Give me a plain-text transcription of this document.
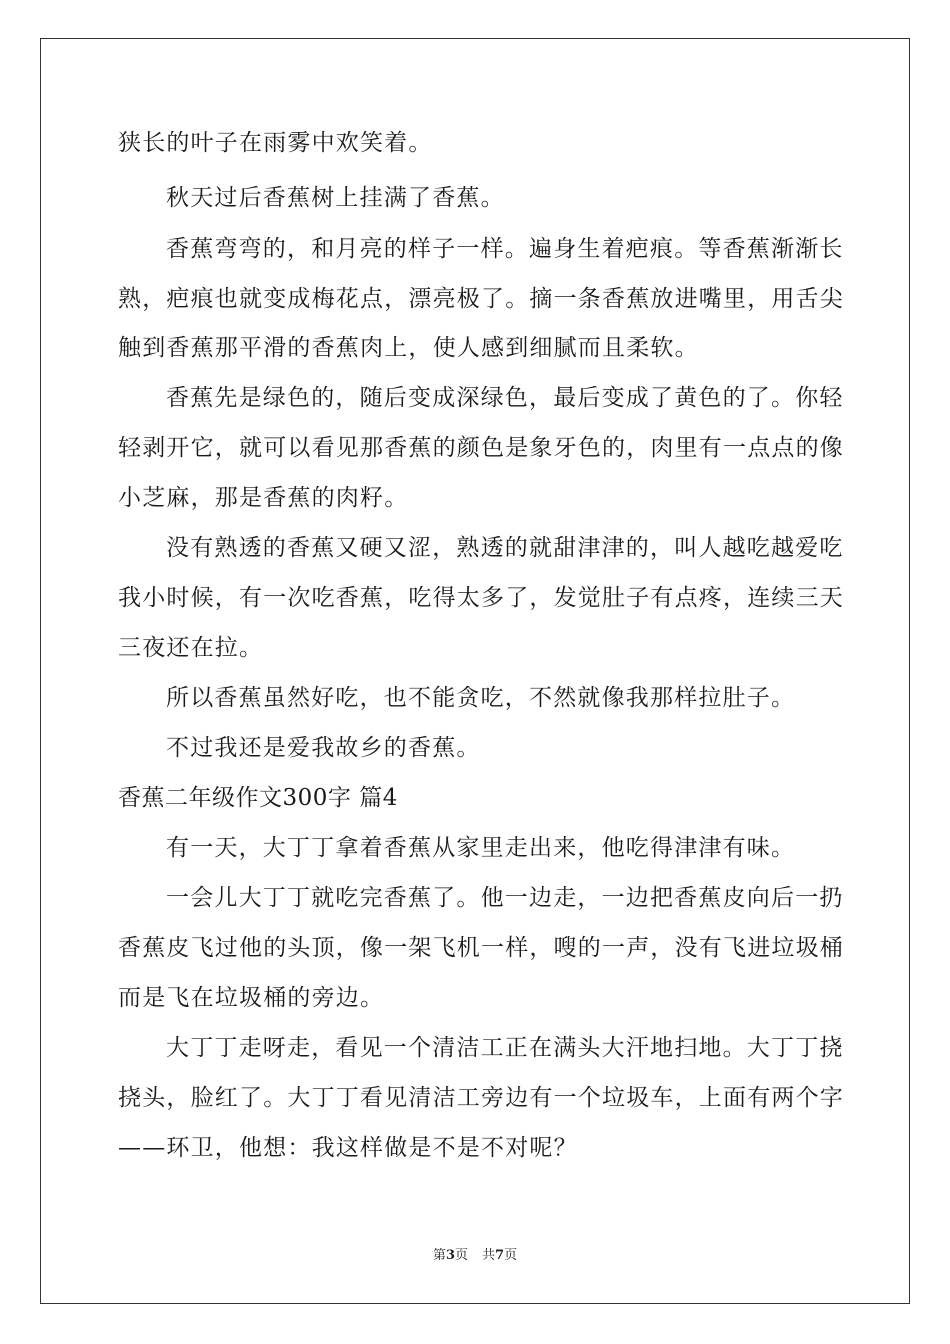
狭长的叶子在雨雾中欢笑着。
秋天过后香蕉树上挂满了香蕉。
香蕉弯弯的，和月亮的样子一样。遍身生着疤痕。等香蕉渐渐长
熟，疤痕也就变成梅花点，漂亮极了。摘一条香蕉放进嘴里，用舌尖
触到香蕉那平滑的香蕉肉上，使人感到细腻而且柔软。
香蕉先是绿色的，随后变成深绿色，最后变成了黄色的了。你轻
轻剥开它，就可以看见那香蕉的颜色是象牙色的，肉里有一点点的像
小芝麻，那是香蕉的肉籽。
没有熟透的香蕉又硬又涩，熟透的就甜津津的，叫人越吃越爱吃
我小时候，有一次吃香蕉，吃得太多了，发觉肚子有点疼，连续三天
三夜还在拉。
所以香蕉虽然好吃，也不能贪吃，不然就像我那样拉肚子。
不过我还是爱我故乡的香蕉。
香蕉二年级作文300字 篇4
有一天，大丁丁拿着香蕉从家里走出来，他吃得津津有味。
一会儿大丁丁就吃完香蕉了。他一边走，一边把香蕉皮向后一扔
香蕉皮飞过他的头顶，像一架飞机一样，嗖的一声，没有飞进垃圾桶
而是飞在垃圾桶的旁边。
大丁丁走呀走，看见一个清洁工正在满头大汗地扫地。大丁丁挠
挠头，脸红了。大丁丁看见清洁工旁边有一个垃圾车，上面有两个字
——环卫，他想：我这样做是不是不对呢？
第3页 共7页
